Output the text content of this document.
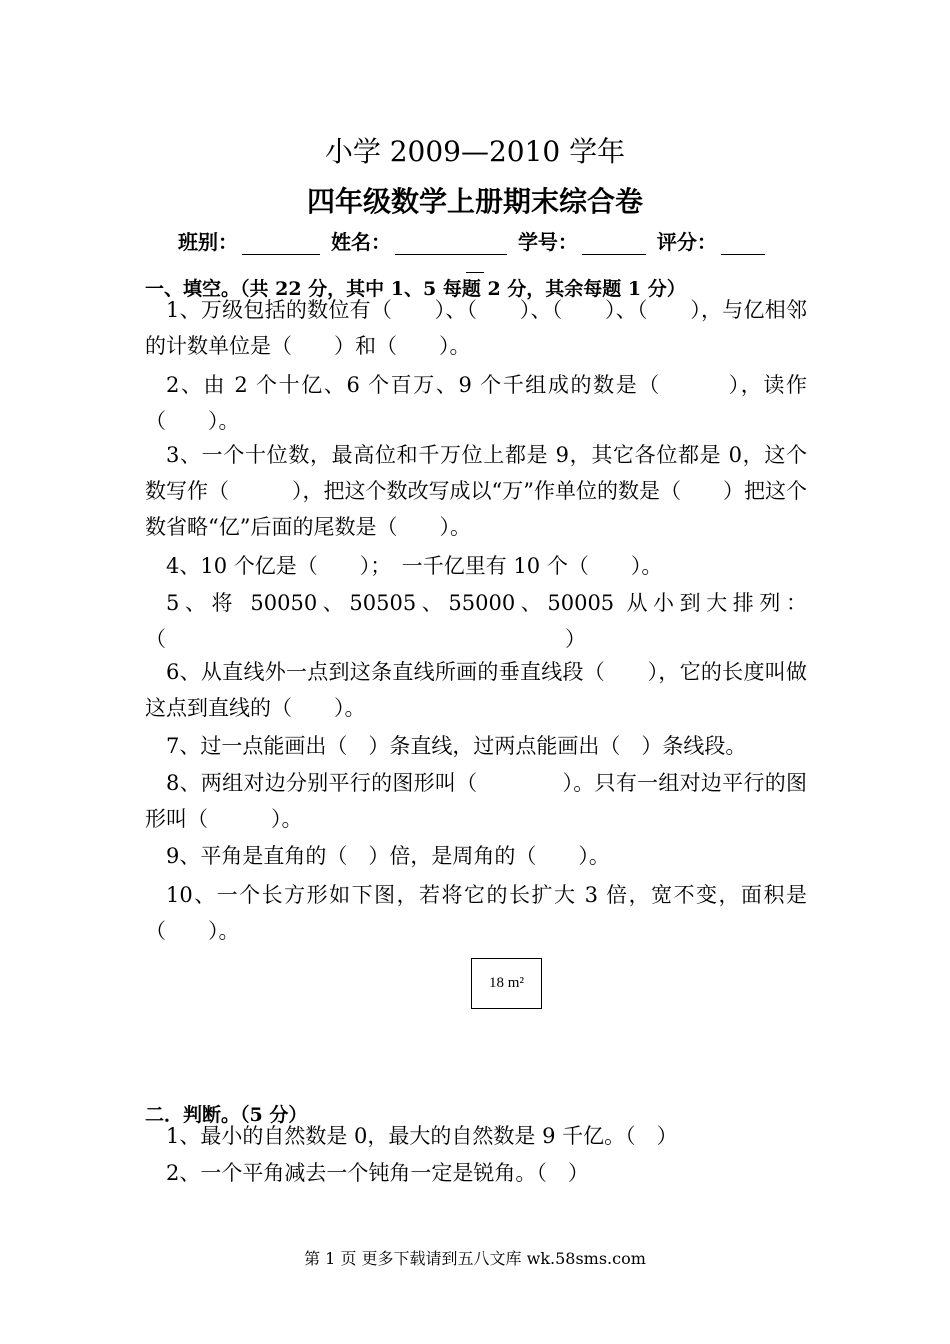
小学 2009—2010 学年
四年级数学上册期末综合卷
班别：	姓名：	学号：	评分：
一、填空。（共 22 分，其中 1、5 每题 2 分，其余每题 1 分）
1、万级包括的数位有（　　）、（　　）、（　　）、（　　），与亿相邻的计数单位是（　　）和（　　）。
2、由 2 个十亿、6 个百万、9 个千组成的数是（　　　），读作（　　）。
3、一个十位数，最高位和千万位上都是 9，其它各位都是 0，这个数写作（　　　），把这个数改写成以“万”作单位的数是（　　）把这个数省略“亿”后面的尾数是（　　）。
4、10 个亿是（　　）；　一千亿里有 10 个（　　）。
5、将 50050、50505、55000、50005 从小到大排列：（　　　　　　　　　　　　　　　　　　　）
6、从直线外一点到这条直线所画的垂直线段（　　），它的长度叫做这点到直线的（　　）。
7、过一点能画出（　）条直线，过两点能画出（　）条线段。
8、两组对边分别平行的图形叫（　　　　）。只有一组对边平行的图形叫（　　　）。
9、平角是直角的（　）倍，是周角的（　　）。
10、一个长方形如下图，若将它的长扩大 3 倍，宽不变，面积是（　　）。
18 m²
二．判断。（5 分）
1、最小的自然数是 0，最大的自然数是 9 千亿。（　）
2、一个平角减去一个钝角一定是锐角。（　）
第 1 页 更多下载请到五八文库 wk.58sms.com
